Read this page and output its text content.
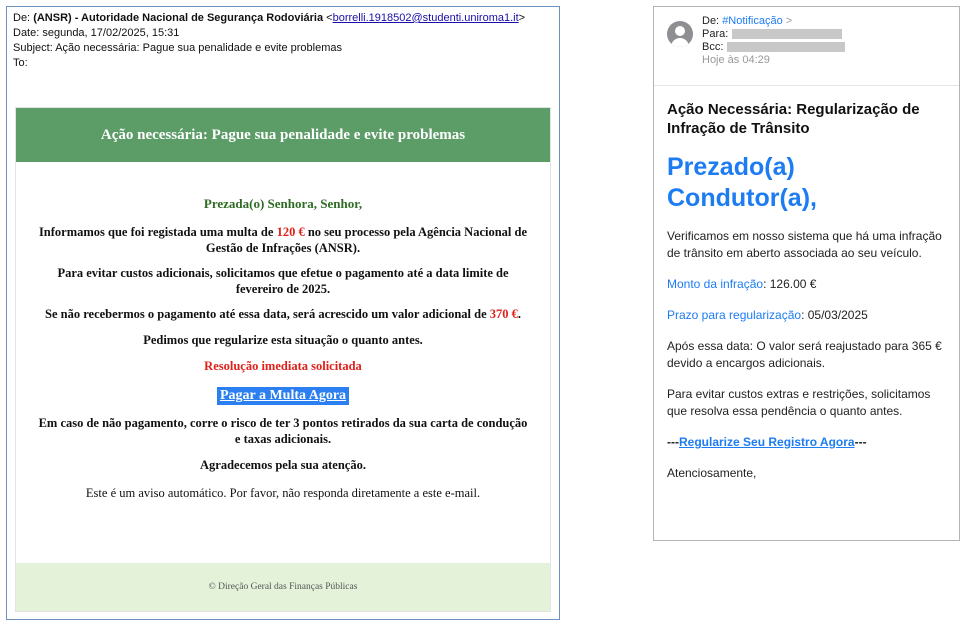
De: (ANSR) - Autoridade Nacional de Segurança Rodoviária <borrelli.1918502@studenti.uniroma1.it>
Date: segunda, 17/02/2025, 15:31
Subject: Ação necessária: Pague sua penalidade e evite problemas
To:
Ação necessária: Pague sua penalidade e evite problemas
Prezada(o) Senhora, Senhor,
Informamos que foi registada uma multa de 120 € no seu processo pela Agência Nacional de Gestão de Infrações (ANSR).
Para evitar custos adicionais, solicitamos que efetue o pagamento até a data limite de fevereiro de 2025.
Se não recebermos o pagamento até essa data, será acrescido um valor adicional de 370 €.
Pedimos que regularize esta situação o quanto antes.
Resolução imediata solicitada
Pagar a Multa Agora
Em caso de não pagamento, corre o risco de ter 3 pontos retirados da sua carta de condução e taxas adicionais.
Agradecemos pela sua atenção.
Este é um aviso automático. Por favor, não responda diretamente a este e-mail.
© Direção Geral das Finanças Públicas
De: #Notificação >
Para:
Bcc:
Hoje às 04:29
Ação Necessária: Regularização de Infração de Trânsito
Prezado(a) Condutor(a),
Verificamos em nosso sistema que há uma infração de trânsito em aberto associada ao seu veículo.
Monto da infração: 126.00 €
Prazo para regularização: 05/03/2025
Após essa data: O valor será reajustado para 365 € devido a encargos adicionais.
Para evitar custos extras e restrições, solicitamos que resolva essa pendência o quanto antes.
---Regularize Seu Registro Agora---
Atenciosamente,
